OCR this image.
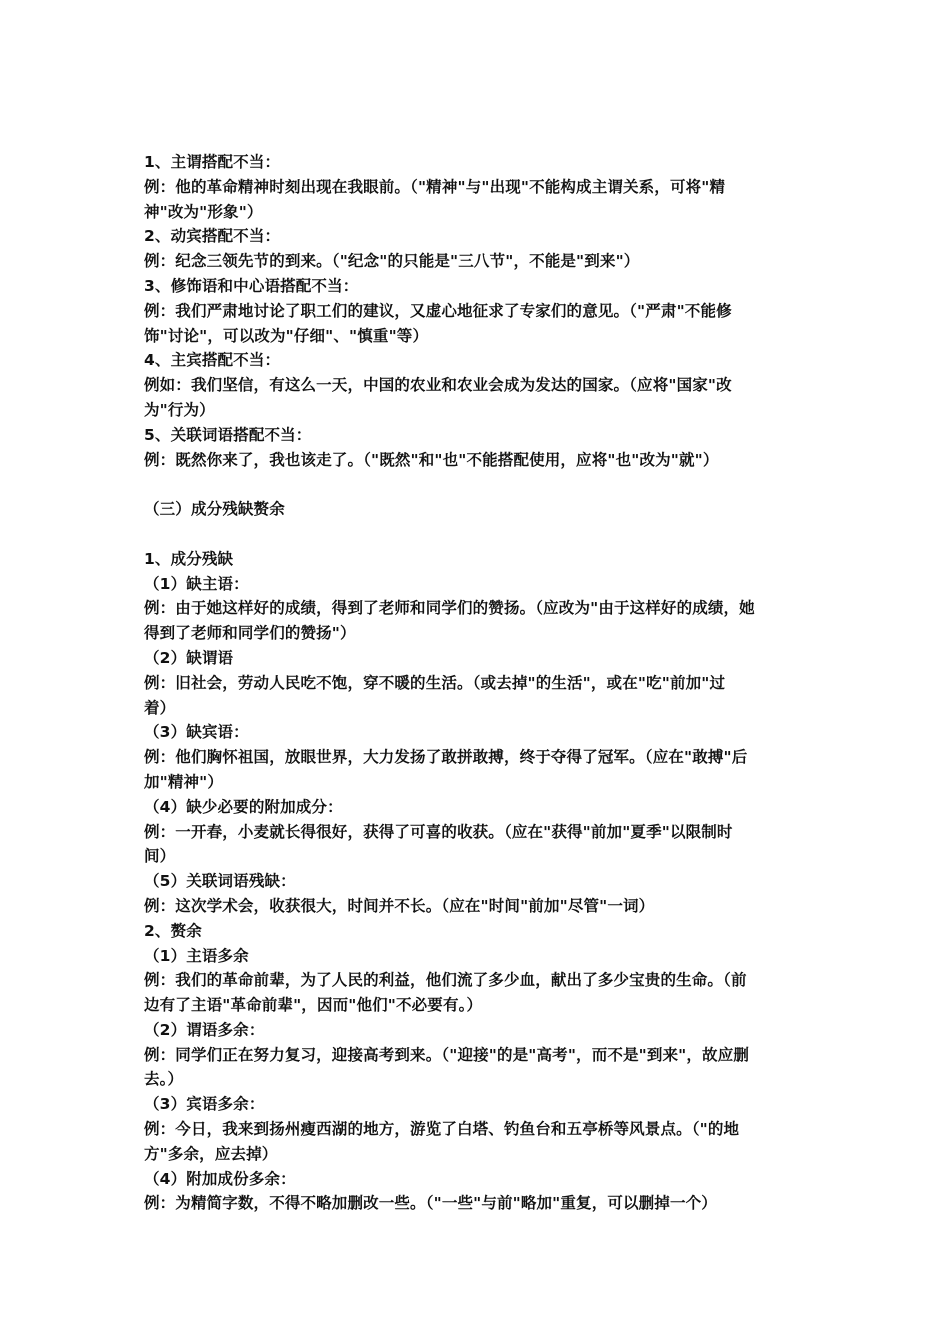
1、主谓搭配不当：
例：他的革命精神时刻出现在我眼前。（"精神"与"出现"不能构成主谓关系，可将"精
神"改为"形象"）
2、动宾搭配不当：
例：纪念三领先节的到来。（"纪念"的只能是"三八节"，不能是"到来"）
3、修饰语和中心语搭配不当：
例：我们严肃地讨论了职工们的建议，又虚心地征求了专家们的意见。（"严肃"不能修
饰"讨论"，可以改为"仔细"、"慎重"等）
4、主宾搭配不当：
例如：我们坚信，有这么一天，中国的农业和农业会成为发达的国家。（应将"国家"改
为"行为）
5、关联词语搭配不当：
例：既然你来了，我也该走了。（"既然"和"也"不能搭配使用，应将"也"改为"就"）
（三）成分残缺赘余
1、成分残缺
（1）缺主语：
例：由于她这样好的成绩，得到了老师和同学们的赞扬。（应改为"由于这样好的成绩，她
得到了老师和同学们的赞扬"）
（2）缺谓语
例：旧社会，劳动人民吃不饱，穿不暖的生活。（或去掉"的生活"，或在"吃"前加"过
着）
（3）缺宾语：
例：他们胸怀祖国，放眼世界，大力发扬了敢拼敢搏，终于夺得了冠军。（应在"敢搏"后
加"精神"）
（4）缺少必要的附加成分：
例：一开春，小麦就长得很好，获得了可喜的收获。（应在"获得"前加"夏季"以限制时
间）
（5）关联词语残缺：
例：这次学术会，收获很大，时间并不长。（应在"时间"前加"尽管"一词）
2、赘余
（1）主语多余
例：我们的革命前辈，为了人民的利益，他们流了多少血，献出了多少宝贵的生命。（前
边有了主语"革命前辈"，因而"他们"不必要有。）
（2）谓语多余：
例：同学们正在努力复习，迎接高考到来。（"迎接"的是"高考"，而不是"到来"，故应删
去。）
（3）宾语多余：
例：今日，我来到扬州瘦西湖的地方，游览了白塔、钓鱼台和五亭桥等风景点。（"的地
方"多余，应去掉）
（4）附加成份多余：
例：为精简字数，不得不略加删改一些。（"一些"与前"略加"重复，可以删掉一个）
